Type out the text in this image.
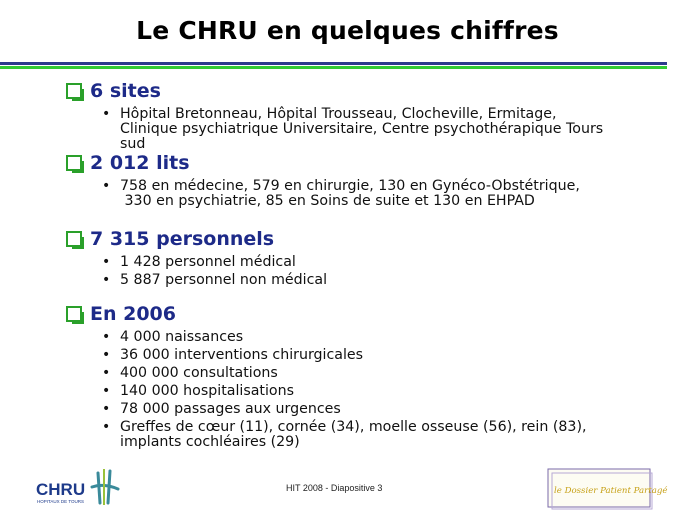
Le CHRU en quelques chiffres
6 sites
• Hôpital Bretonneau, Hôpital Trousseau, Clocheville, Ermitage,
Clinique psychiatrique Universitaire, Centre psychothérapique Tours
sud
2 012 lits
• 758 en médecine, 579 en chirurgie, 130 en Gynéco-Obstétrique,
330 en psychiatrie, 85 en Soins de suite et 130 en EHPAD
7 315 personnels
• 1 428 personnel médical
• 5 887 personnel non médical
En 2006
• 4 000 naissances
• 36 000 interventions chirurgicales
• 400 000 consultations
• 140 000 hospitalisations
• 78 000 passages aux urgences
• Greffes de cœur (11), cornée (34), moelle osseuse (56), rein (83),
implants cochléaires (29)
HIT 2008 - Diapositive 3
CHRU
HOPITAUX DE TOURS
le Dossier Patient Partagé
